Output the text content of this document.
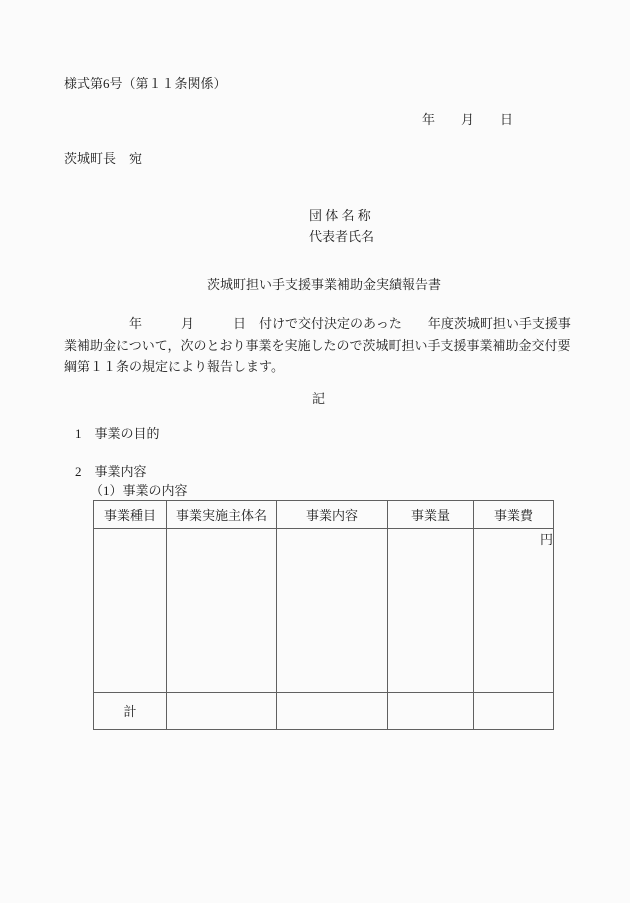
様式第6号（第１１条関係）
年　　月　　日
茨城町長　宛
団 体 名 称
代表者氏名
茨城町担い手支援事業補助金実績報告書
　　　　　年　　　月　　　日　付けで交付決定のあった　　年度茨城町担い手支援事
業補助金について，次のとおり事業を実施したので茨城町担い手支援事業補助金交付要
綱第１１条の規定により報告します。
記
1　事業の目的
2　事業内容
（1）事業の内容
事業種目	事業実施主体名	事業内容	事業量	事業費
				円
計				
